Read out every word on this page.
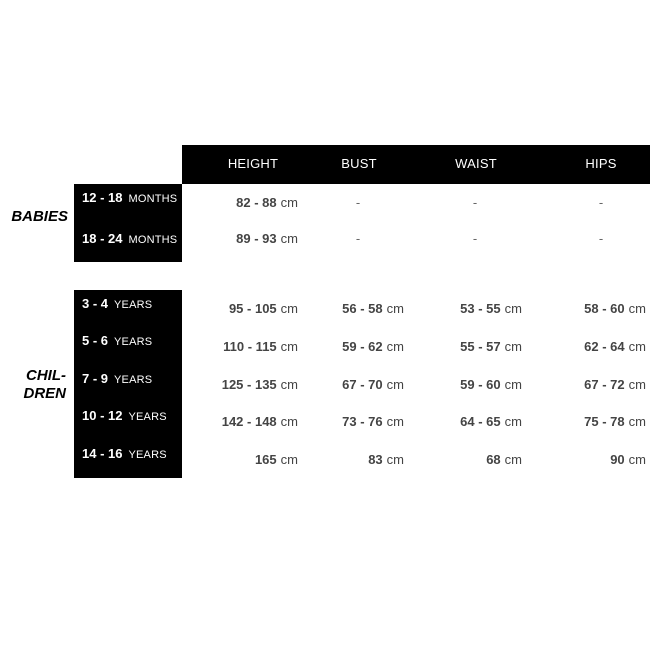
HEIGHT	BUST	WAIST	HIPS
BABIES
CHIL-
DREN
12 - 18 MONTHS	82 - 88 cm	-	-	-
18 - 24 MONTHS	89 - 93 cm	-	-	-
3 - 4 YEARS	95 - 105 cm	56 - 58 cm	53 - 55 cm	58 - 60 cm
5 - 6 YEARS	110 - 115 cm	59 - 62 cm	55 - 57 cm	62 - 64 cm
7 - 9 YEARS	125 - 135 cm	67 - 70 cm	59 - 60 cm	67 - 72 cm
10 - 12 YEARS	142 - 148 cm	73 - 76 cm	64 - 65 cm	75 - 78 cm
14 - 16 YEARS	165 cm	83 cm	68 cm	90 cm
